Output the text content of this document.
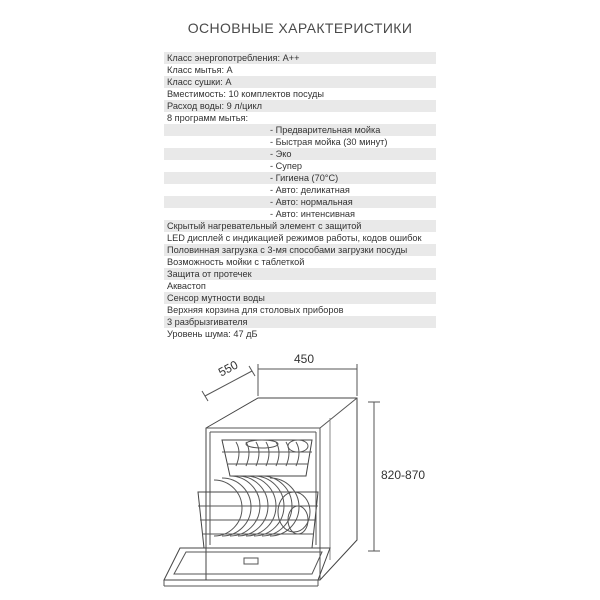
ОСНОВНЫЕ ХАРАКТЕРИСТИКИ
Класс энергопотребления: A++
Класс мытья: A
Класс сушки: A
Вместимость: 10 комплектов посуды
Расход воды: 9 л/цикл
8 программ мытья:
- Предварительная мойка
- Быстрая мойка (30 минут)
- Эко
- Супер
- Гигиена (70°C)
- Авто: деликатная
- Авто: нормальная
- Авто: интенсивная
Скрытый нагревательный элемент с защитой
LED дисплей с индикацией режимов работы, кодов ошибок
Половинная загрузка с 3-мя способами загрузки посуды
Возможность мойки с таблеткой
Защита от протечек
Аквастоп
Сенсор мутности воды
Верхняя корзина для столовых приборов
3 разбрызгивателя
Уровень шума: 47 дБ
550	450
820-870
